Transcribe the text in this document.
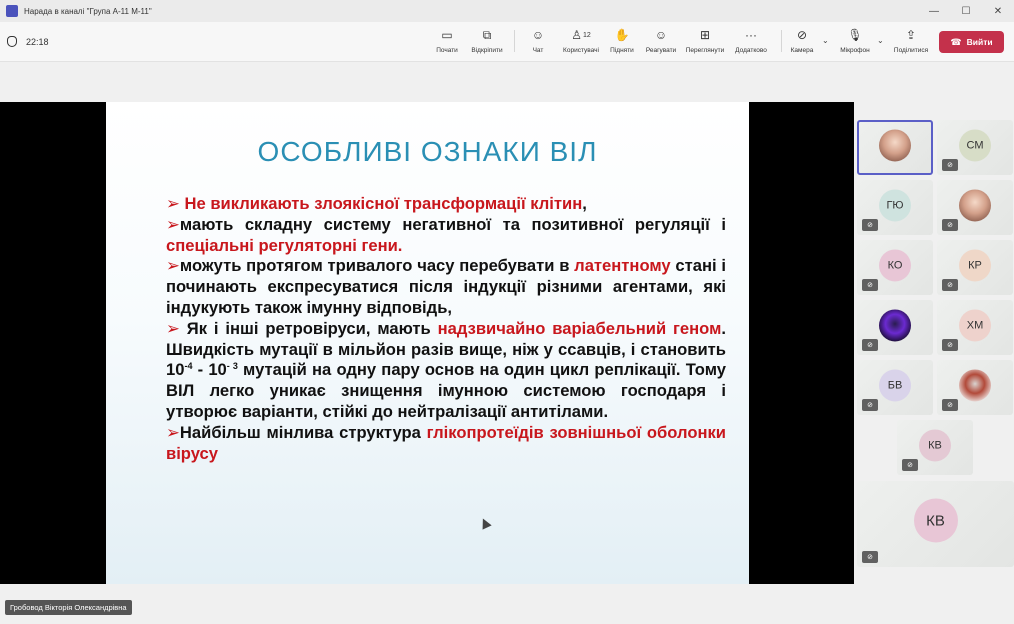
Нарада в каналі "Група А-11 М-11"	—	☐	✕
22:18	▭
Почати
⧉
Відкріпити
☺
Чат
♙ 12
Користувачі
✋
Підняти
☺
Реагувати
⊞
Переглянути
···
Додатково
⊘
Камера
⌄ 🎙︎
Мікрофон
⌄ ⇪
Поділитися
☎ Вийти
ОСОБЛИВІ ОЗНАКИ ВІЛ

➢ Не викликають злоякісної трансформації клітин,

➢мають складну систему негативної та позитивної регуляції і спеціальні регуляторні гени.

➢можуть протягом тривалого часу перебувати в латентному стані і починають експресуватися після індукції різними агентами, які індукують також імунну відповідь,

➢ Як і інші ретровіруси, мають надзвичайно варіабельний геном. Швидкість мутації в мільйон разів вище, ніж у ссавців, і становить $10^{-4} - 10^{- 3}$ мутацій на одну пару основ на один цикл реплікації. Тому ВІЛ легко уникає знищення імунною системою господаря і утворює варіанти, стійкі до нейтралізації антитілами.

➢Найбільш мінлива структура глікопротеїдів зовнішньої оболонки вірусу

Гробовод Вікторія Олександрівна
СМ
⊘
ГЮ
⊘	⊘
КО
⊘
КР
⊘
⊘
ХМ
⊘
БВ
⊘	⊘
КВ
⊘
КВ
⊘
